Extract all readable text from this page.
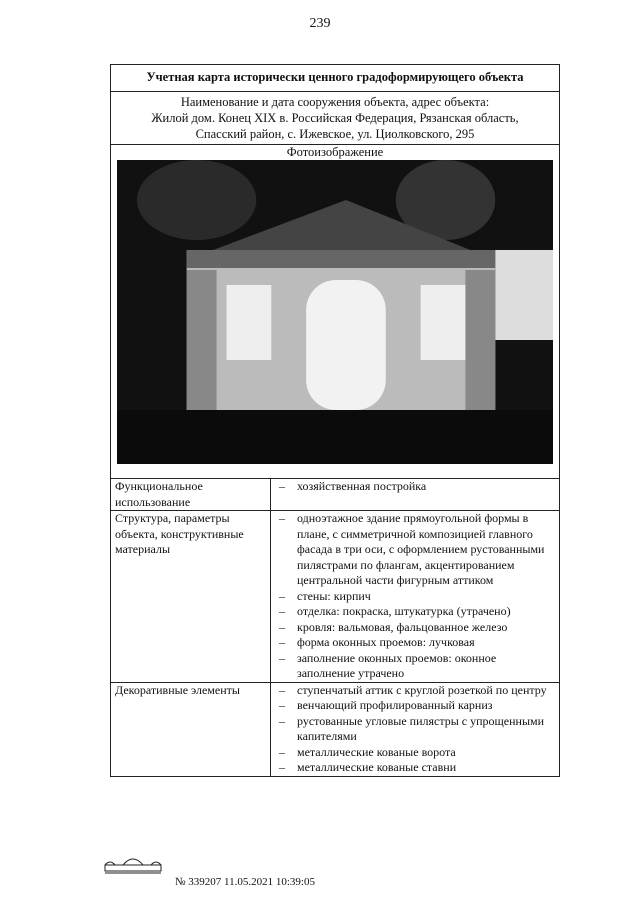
239
Учетная карта исторически ценного градоформирующего объекта
Наименование и дата сооружения объекта, адрес объекта:
Жилой дом. Конец XIX в. Российская Федерация, Рязанская область,
Спасский район, с. Ижевское, ул. Циолковского, 295
Фотоизображение
Функциональное использование
– хозяйственная постройка
Структура, параметры объекта, конструктивные материалы
– одноэтажное здание прямоугольной формы в плане, с симметричной композицией главного фасада в три оси, с оформлением рустованными пилястрами по флангам, акцентированием центральной части фигурным аттиком
– стены: кирпич
– отделка: покраска, штукатурка (утрачено)
– кровля: вальмовая, фальцованное железо
– форма оконных проемов: лучковая
– заполнение оконных проемов: оконное заполнение утрачено
Декоративные элементы	– ступенчатый аттик с круглой розеткой по центру
– венчающий профилированный карниз
– рустованные угловые пилястры с упрощенными капителями
– металлические кованые ворота
– металлические кованые ставни
№ 339207 11.05.2021 10:39:05
